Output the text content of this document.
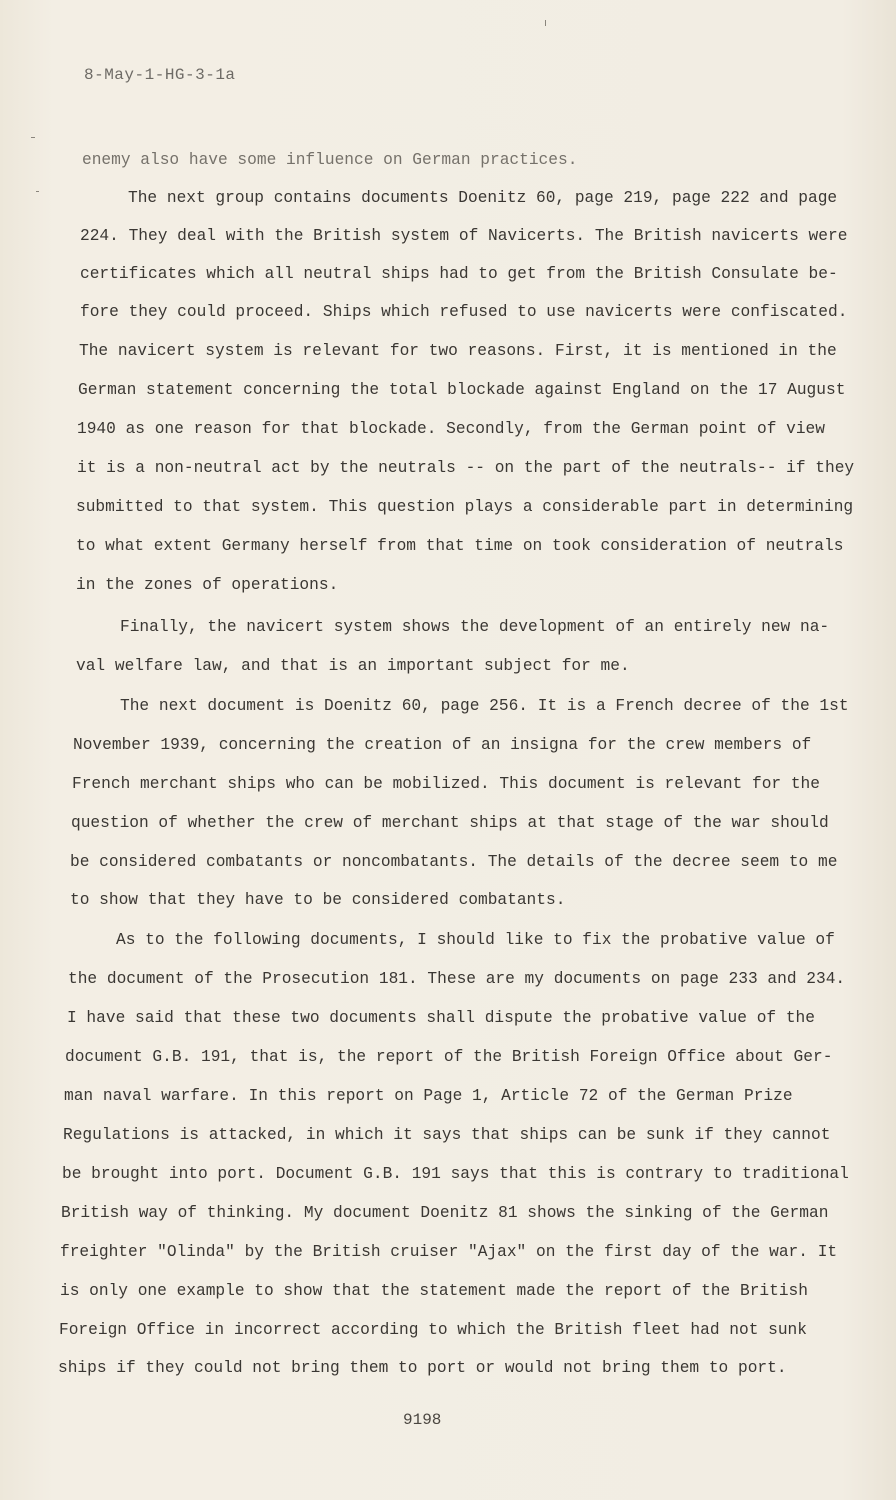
8-May-1-HG-3-1a
enemy also have some influence on German practices.
The next group contains documents Doenitz 60, page 219, page 222 and page
224. They deal with the British system of Navicerts. The British navicerts were
certificates which all neutral ships had to get from the British Consulate be-
fore they could proceed. Ships which refused to use navicerts were confiscated.
The navicert system is relevant for two reasons. First, it is mentioned in the
German statement concerning the total blockade against England on the 17 August
1940 as one reason for that blockade. Secondly, from the German point of view
it is a non-neutral act by the neutrals -- on the part of the neutrals-- if they
submitted to that system. This question plays a considerable part in determining
to what extent Germany herself from that time on took consideration of neutrals
in the zones of operations.
Finally, the navicert system shows the development of an entirely new na-
val welfare law, and that is an important subject for me.
The next document is Doenitz 60, page 256. It is a French decree of the 1st
November 1939, concerning the creation of an insigna for the crew members of
French merchant ships who can be mobilized. This document is relevant for the
question of whether the crew of merchant ships at that stage of the war should
be considered combatants or noncombatants. The details of the decree seem to me
to show that they have to be considered combatants.
As to the following documents, I should like to fix the probative value of
the document of the Prosecution 181. These are my documents on page 233 and 234.
I have said that these two documents shall dispute the probative value of the
document G.B. 191, that is, the report of the British Foreign Office about Ger-
man naval warfare. In this report on Page 1, Article 72 of the German Prize
Regulations is attacked, in which it says that ships can be sunk if they cannot
be brought into port. Document G.B. 191 says that this is contrary to traditional
British way of thinking. My document Doenitz 81 shows the sinking of the German
freighter "Olinda" by the British cruiser "Ajax" on the first day of the war. It
is only one example to show that the statement made the report of the British
Foreign Office in incorrect according to which the British fleet had not sunk
ships if they could not bring them to port or would not bring them to port.
9198
